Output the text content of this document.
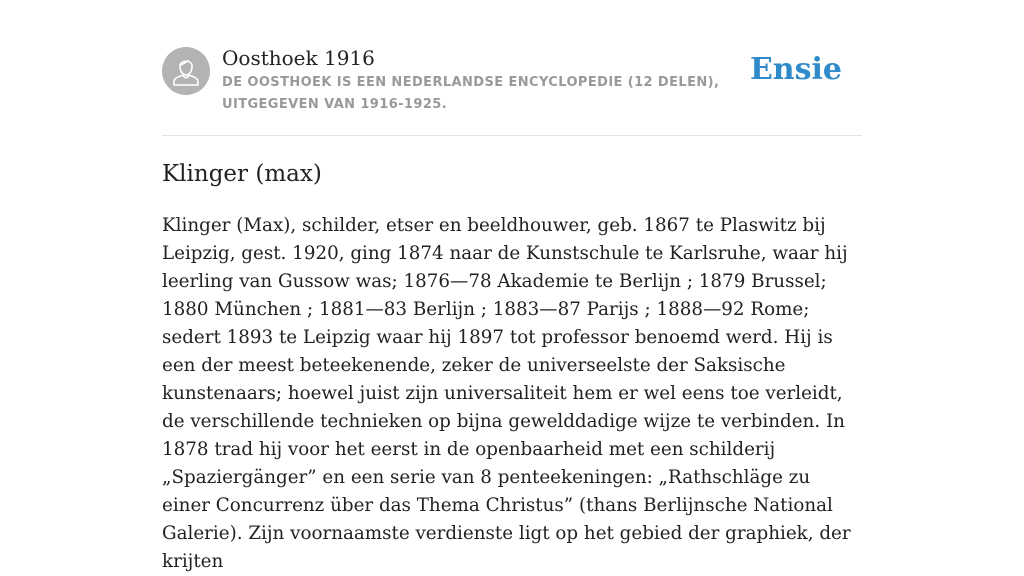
Oosthoek 1916
DE OOSTHOEK IS EEN NEDERLANDSE ENCYCLOPEDIE (12 DELEN), UITGEGEVEN VAN 1916-1925.
Ensie
Klinger (max)

Klinger (Max), schilder, etser en beeldhouwer, geb. 1867 te Plaswitz bij Leipzig, gest. 1920, ging 1874 naar de Kunstschule te Karlsruhe, waar hij leerling van Gussow was; 1876—78 Akademie te Berlijn ; 1879 Brussel; 1880 München ; 1881—83 Berlijn ; 1883—87 Parijs ; 1888—92 Rome; sedert 1893 te Leipzig waar hij 1897 tot professor benoemd werd. Hij is een der meest beteekenende, zeker de universeelste der Saksische kunstenaars; hoewel juist zijn universaliteit hem er wel eens toe verleidt, de verschillende technieken op bijna gewelddadige wijze te verbinden. In 1878 trad hij voor het eerst in de openbaarheid met een schilderij „Spaziergänger” en een serie van 8 penteekeningen: „Rathschläge zu einer Concurrenz über das Thema Christus” (thans Berlijnsche National Galerie). Zijn voornaamste verdienste ligt op het gebied der graphiek, der krijten
